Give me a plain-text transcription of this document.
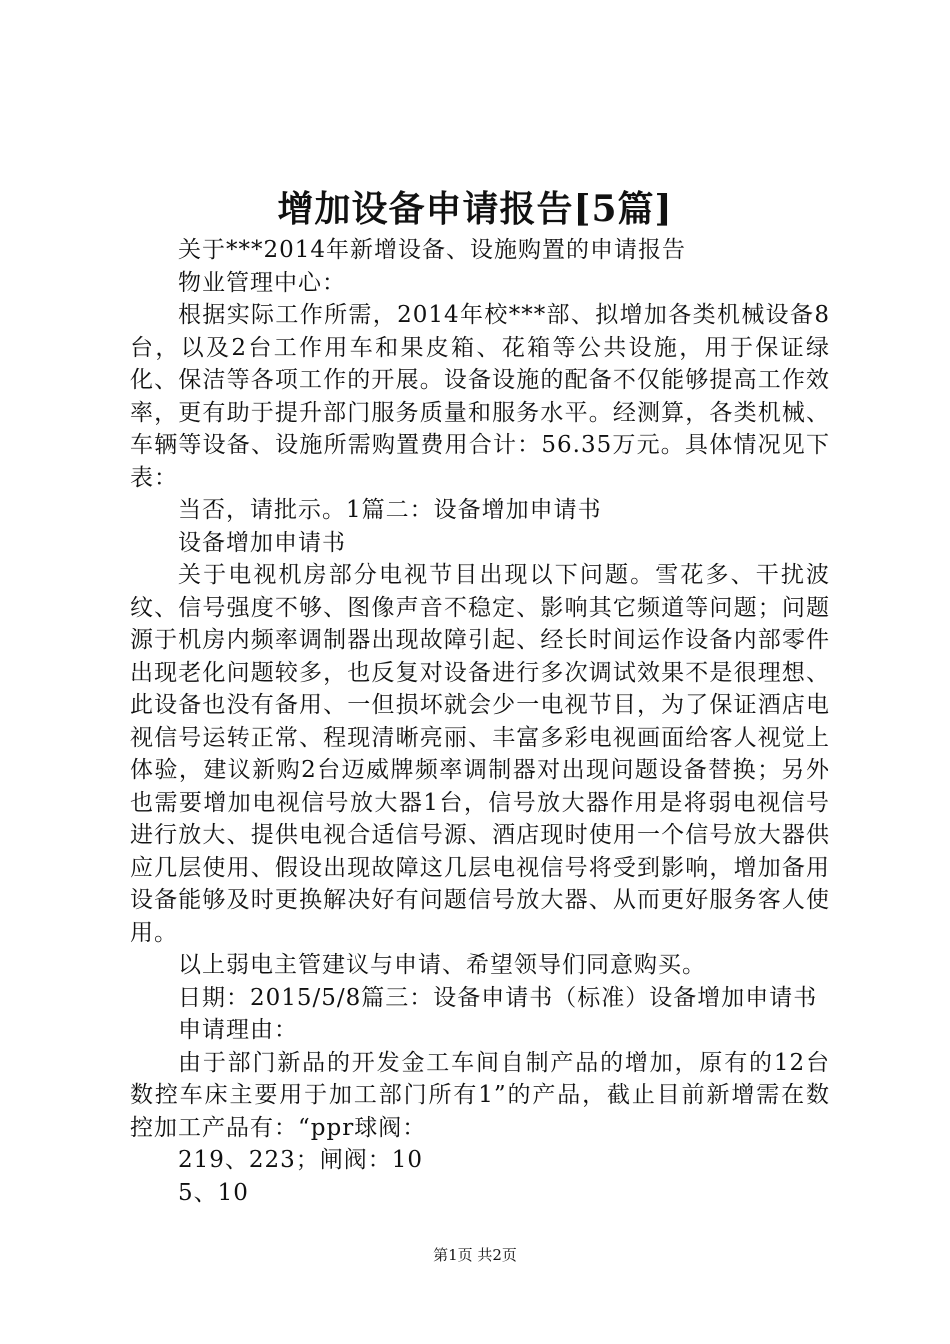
增加设备申请报告[5篇]

关于***2014年新增设备、设施购置的申请报告

物业管理中心：

根据实际工作所需，2014年校***部、拟增加各类机械设备8台，以及2台工作用车和果皮箱、花箱等公共设施，用于保证绿化、保洁等各项工作的开展。设备设施的配备不仅能够提高工作效率，更有助于提升部门服务质量和服务水平。经测算，各类机械、车辆等设备、设施所需购置费用合计：56.35万元。具体情况见下表：

当否，请批示。1篇二：设备增加申请书

设备增加申请书

关于电视机房部分电视节目出现以下问题。雪花多、干扰波纹、信号强度不够、图像声音不稳定、影响其它频道等问题；问题源于机房内频率调制器出现故障引起、经长时间运作设备内部零件出现老化问题较多，也反复对设备进行多次调试效果不是很理想、此设备也没有备用、一但损坏就会少一电视节目，为了保证酒店电视信号运转正常、程现清晰亮丽、丰富多彩电视画面给客人视觉上体验，建议新购2台迈威牌频率调制器对出现问题设备替换；另外也需要增加电视信号放大器1台，信号放大器作用是将弱电视信号进行放大、提供电视合适信号源、酒店现时使用一个信号放大器供应几层使用、假设出现故障这几层电视信号将受到影响，增加备用设备能够及时更换解决好有问题信号放大器、从而更好服务客人使用。

以上弱电主管建议与申请、希望领导们同意购买。

日期：2015/5/8篇三：设备申请书（标准）设备增加申请书

申请理由：

由于部门新品的开发金工车间自制产品的增加，原有的12台数控车床主要用于加工部门所有1”的产品，截止目前新增需在数控加工产品有：“ppr球阀：

219、223；闸阀：10

5、10

第1页 共2页
